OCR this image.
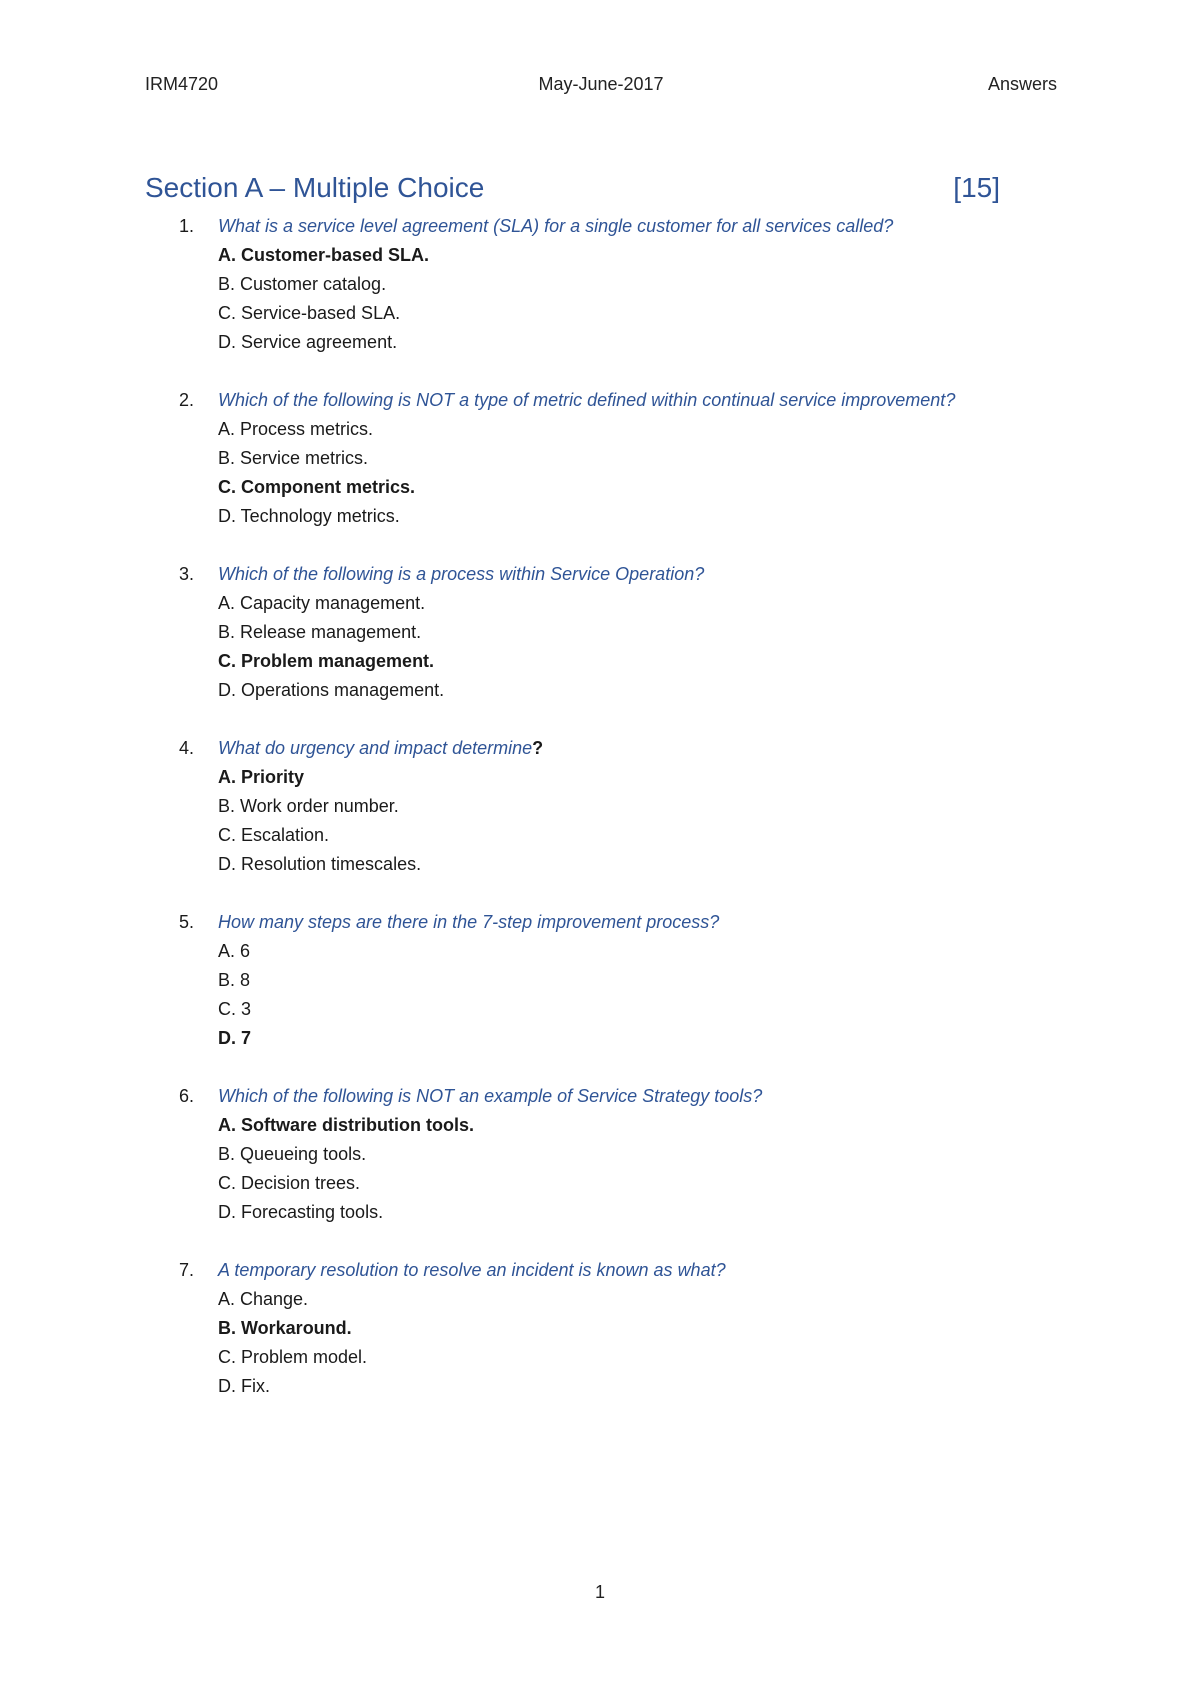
IRM4720	May-June-2017	Answers
Section A – Multiple Choice	[15]
1. What is a service level agreement (SLA) for a single customer for all services called?
A. Customer-based SLA.
B. Customer catalog.
C. Service-based SLA.
D. Service agreement.
2. Which of the following is NOT a type of metric defined within continual service improvement?
A. Process metrics.
B. Service metrics.
C. Component metrics.
D. Technology metrics.
3. Which of the following is a process within Service Operation?
A. Capacity management.
B. Release management.
C. Problem management.
D. Operations management.
4. What do urgency and impact determine?
A. Priority
B. Work order number.
C. Escalation.
D. Resolution timescales.
5. How many steps are there in the 7-step improvement process?
A. 6
B. 8
C. 3
D. 7
6. Which of the following is NOT an example of Service Strategy tools?
A. Software distribution tools.
B. Queueing tools.
C. Decision trees.
D. Forecasting tools.
7. A temporary resolution to resolve an incident is known as what?
A. Change.
B. Workaround.
C. Problem model.
D. Fix.
1
